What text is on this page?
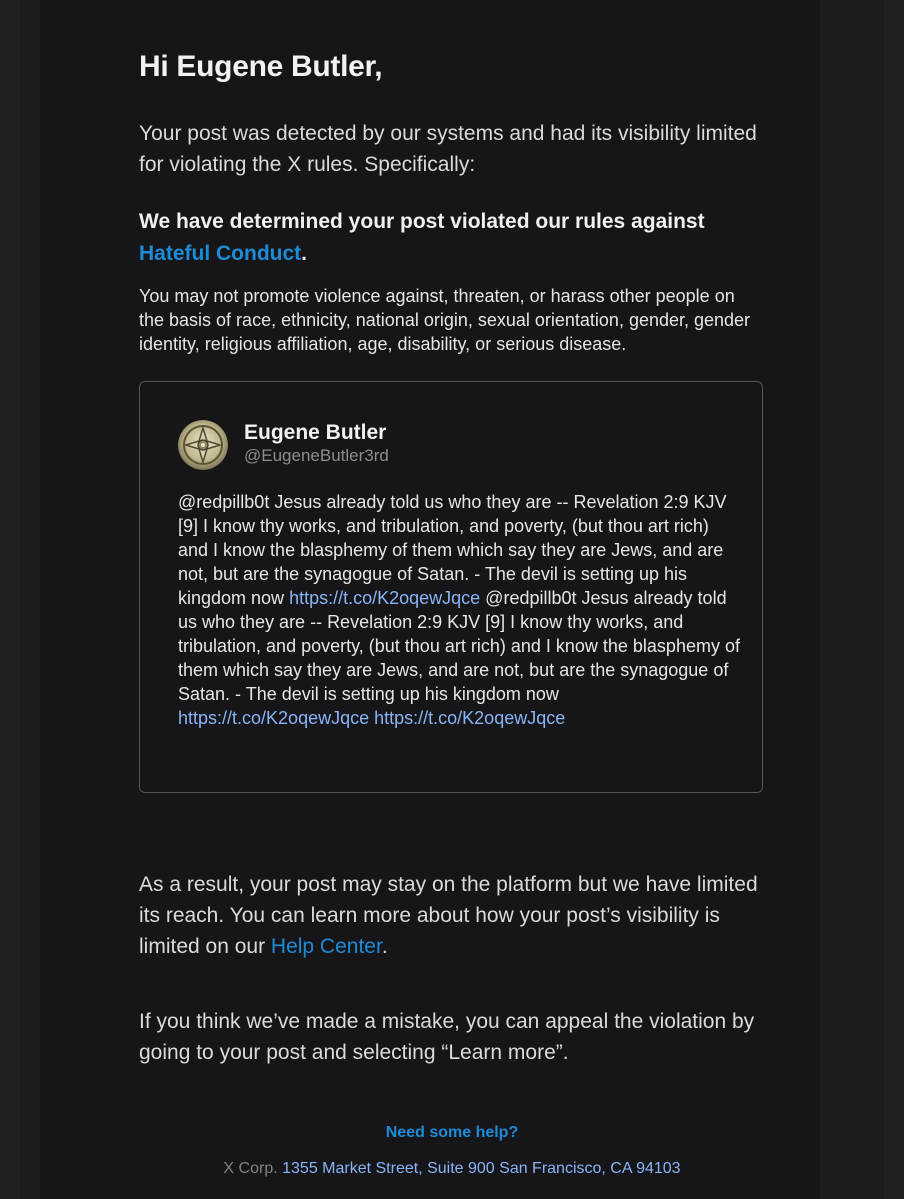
Hi Eugene Butler,

Your post was detected by our systems and had its visibility limited for violating the X rules. Specifically:

We have determined your post violated our rules against Hateful Conduct.

You may not promote violence against, threaten, or harass other people on the basis of race, ethnicity, national origin, sexual orientation, gender, gender identity, religious affiliation, age, disability, or serious disease.

Eugene Butler
@EugeneButler3rd

@redpillb0t Jesus already told us who they are -- Revelation 2:9 KJV [9] I know thy works, and tribulation, and poverty, (but thou art rich) and I know the blasphemy of them which say they are Jews, and are not, but are the synagogue of Satan. - The devil is setting up his kingdom now https://t.co/K2oqewJqce @redpillb0t Jesus already told us who they are -- Revelation 2:9 KJV [9] I know thy works, and tribulation, and poverty, (but thou art rich) and I know the blasphemy of them which say they are Jews, and are not, but are the synagogue of Satan. - The devil is setting up his kingdom now https://t.co/K2oqewJqce https://t.co/K2oqewJqce

As a result, your post may stay on the platform but we have limited its reach. You can learn more about how your post’s visibility is limited on our Help Center.

If you think we’ve made a mistake, you can appeal the violation by going to your post and selecting “Learn more”.

Need some help?
X Corp. 1355 Market Street, Suite 900 San Francisco, CA 94103
